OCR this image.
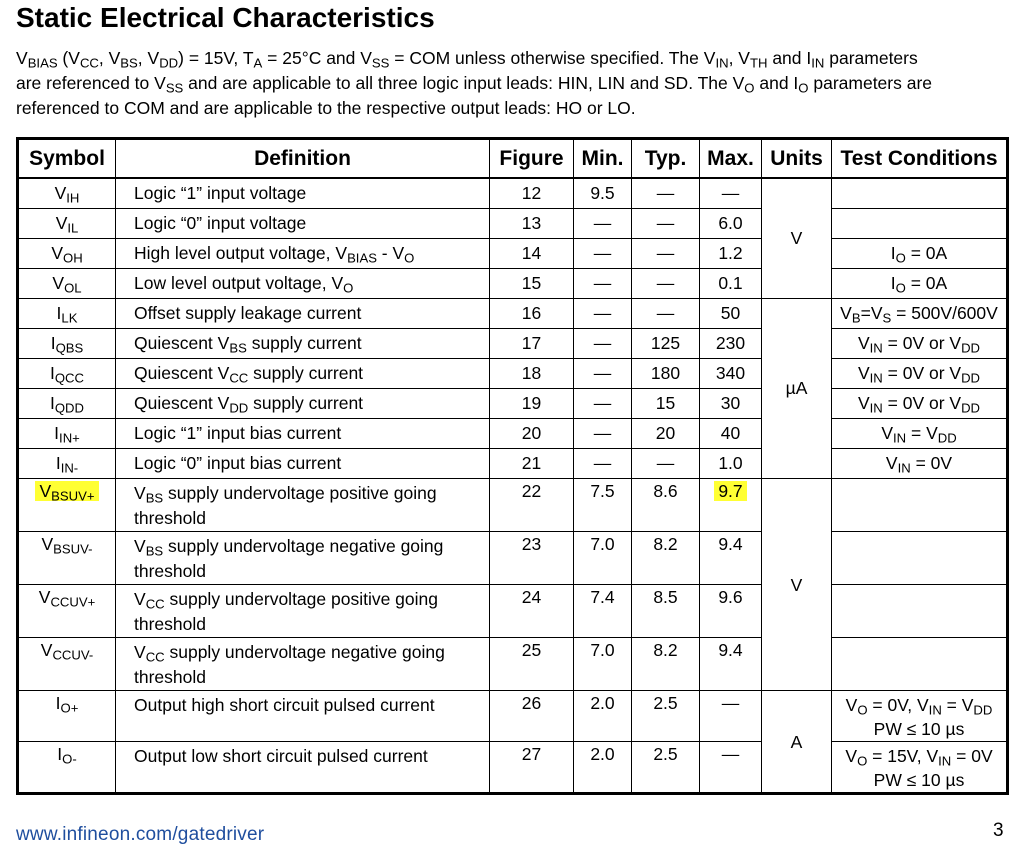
Static Electrical Characteristics
$V_{BIAS}$ ($V_{CC}$, $V_{BS}$, $V_{DD}) = 15V$, $T_A = 25^\circ C$ and $V_{SS}$ = COM unless otherwise specified. The $V_{IN}$, $V_{TH}$ and $I_{IN}$ parameters
are referenced to $V_{SS}$ and are applicable to all three logic input leads: HIN, LIN and SD. The $V_O$ and $I_O$ parameters are
referenced to COM and are applicable to the respective output leads: HO or LO.
Symbol	Definition	Figure	Min.	Typ.	Max.	Units	Test Conditions
$V_{IH}$	Logic “1” input voltage	12	9.5	—	—	V	
$V_{IL}$	Logic “0” input voltage	13	—	—	6.0		
$V_{OH}$	High level output voltage, $V_{BIAS} - V_O$	14	—	—	1.2		$I_O = 0A$
$V_{OL}$	Low level output voltage, $V_O$	15	—	—	0.1		$I_O = 0A$
$I_{LK}$	Offset supply leakage current	16	—	—	50	µA	$V_B=V_S = 500V/600V$
$I_{QBS}$	Quiescent $V_{BS}$ supply current	17	—	125	230		$V_{IN} = 0V$ or $V_{DD}$
$I_{QCC}$	Quiescent $V_{CC}$ supply current	18	—	180	340		$V_{IN} = 0V$ or $V_{DD}$
$I_{QDD}$	Quiescent $V_{DD}$ supply current	19	—	15	30		$V_{IN} = 0V$ or $V_{DD}$
$I_{IN+}$	Logic “1” input bias current	20	—	20	40		$V_{IN} = V_{DD}$
$I_{IN-}$	Logic “0” input bias current	21	—	—	1.0		$V_{IN} = 0V$
$V_{BSUV+}$	$V_{BS}$ supply undervoltage positive going threshold	22	7.5	8.6	9.7	V	
$V_{BSUV-}$	$V_{BS}$ supply undervoltage negative going threshold	23	7.0	8.2	9.4		
$V_{CCUV+}$	$V_{CC}$ supply undervoltage positive going threshold	24	7.4	8.5	9.6		
$V_{CCUV-}$	$V_{CC}$ supply undervoltage negative going threshold	25	7.0	8.2	9.4		
$I_{O+}$	Output high short circuit pulsed current	26	2.0	2.5	—	A	$V_O = 0V$, $V_{IN} = V_{DD}$
PW ≤ 10 µs
$I_{O-}$	Output low short circuit pulsed current	27	2.0	2.5	—		$V_O = 15V$, $V_{IN} = 0V$
PW ≤ 10 µs
www.infineon.com/gatedriver	3
